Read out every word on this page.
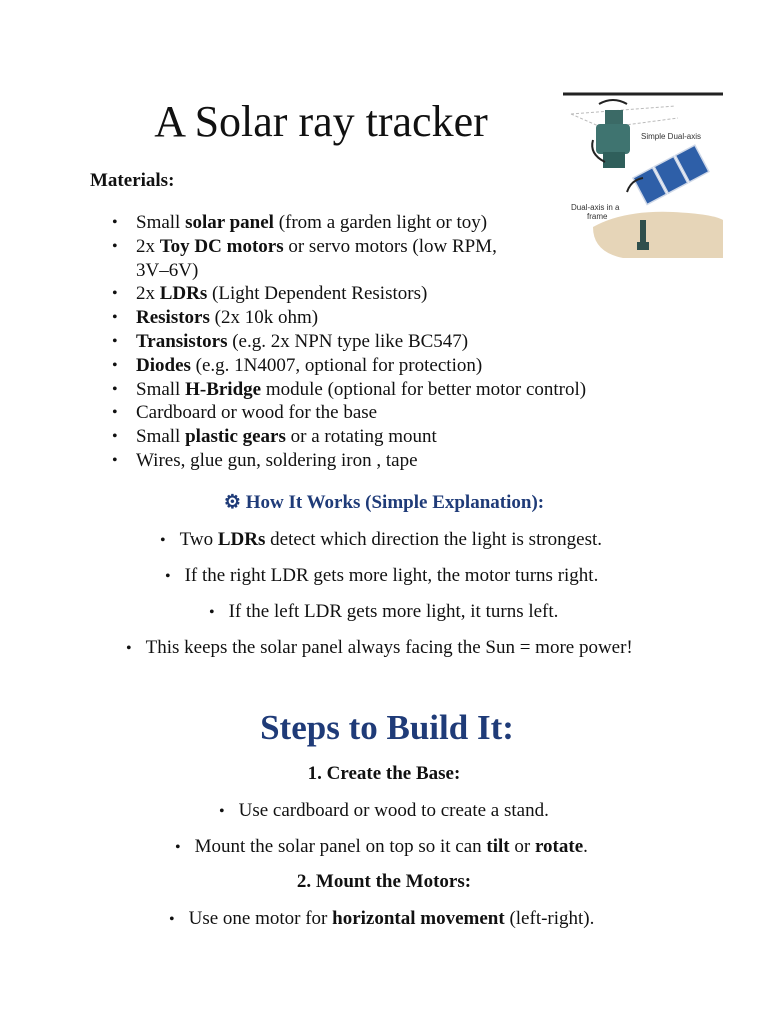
A Solar ray tracker	Simple Dual-axis
Dual-axis in a
frame
Materials:
• Small solar panel (from a garden light or toy)
• 2x Toy DC motors or servo motors (low RPM,
3V–6V)
• 2x LDRs (Light Dependent Resistors)
• Resistors (2x 10k ohm)
• Transistors (e.g. 2x NPN type like BC547)
• Diodes (e.g. 1N4007, optional for protection)
• Small H-Bridge module (optional for better motor control)
• Cardboard or wood for the base
• Small plastic gears or a rotating mount
• Wires, glue gun, soldering iron , tape
⚙ How It Works (Simple Explanation):
• Two LDRs detect which direction the light is strongest.
• If the right LDR gets more light, the motor turns right.
• If the left LDR gets more light, it turns left.
• This keeps the solar panel always facing the Sun = more power!
Steps to Build It:
1. Create the Base:
• Use cardboard or wood to create a stand.
• Mount the solar panel on top so it can tilt or rotate.
2. Mount the Motors:
• Use one motor for horizontal movement (left-right).
